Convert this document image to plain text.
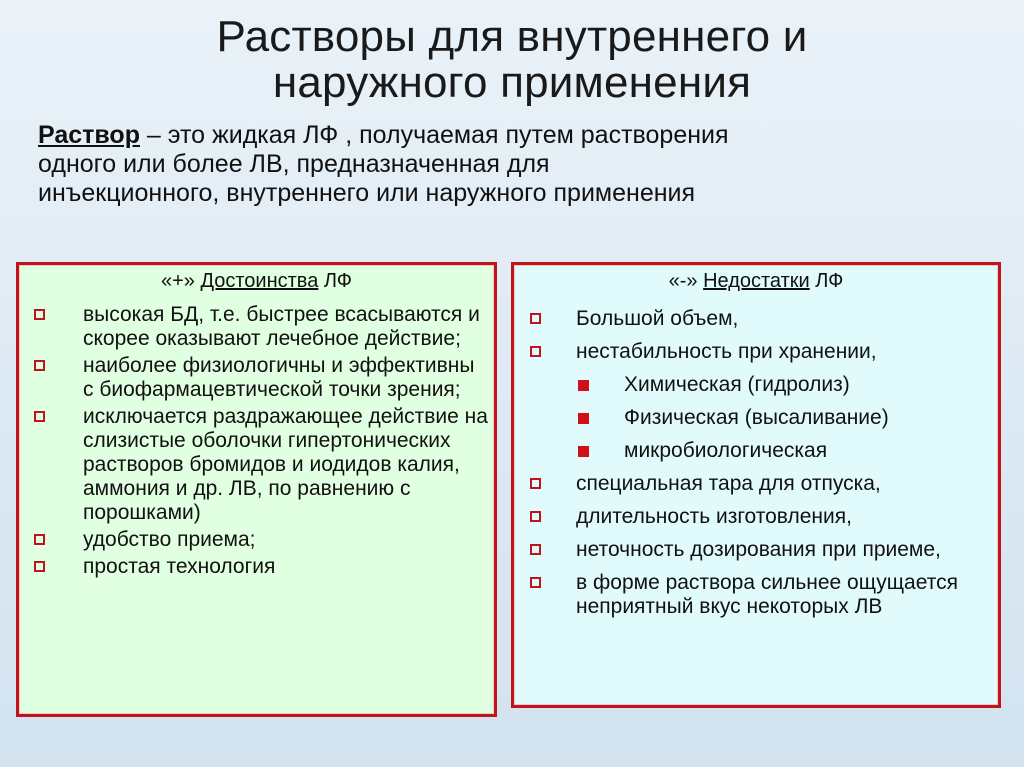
Растворы для внутреннего и
наружного применения
Раствор – это жидкая ЛФ , получаемая путем растворения
одного или более ЛВ, предназначенная для
инъекционного, внутреннего или наружного применения
«+» Достоинства ЛФ
высокая БД, т.е. быстрее всасываются и скорее оказывают лечебное действие;
наиболее физиологичны и эффективны с биофармацевтической точки зрения;
исключается раздражающее действие на слизистые оболочки гипертонических растворов бромидов и иодидов калия, аммония и др. ЛВ, по равнению с порошками)
удобство приема;
простая технология
«-» Недостатки ЛФ
Большой объем,
нестабильность при хранении,
Химическая (гидролиз)
Физическая (высаливание)
микробиологическая
специальная тара для отпуска,
длительность изготовления,
неточность дозирования при приеме,
в форме раствора сильнее ощущается неприятный вкус некоторых ЛВ
